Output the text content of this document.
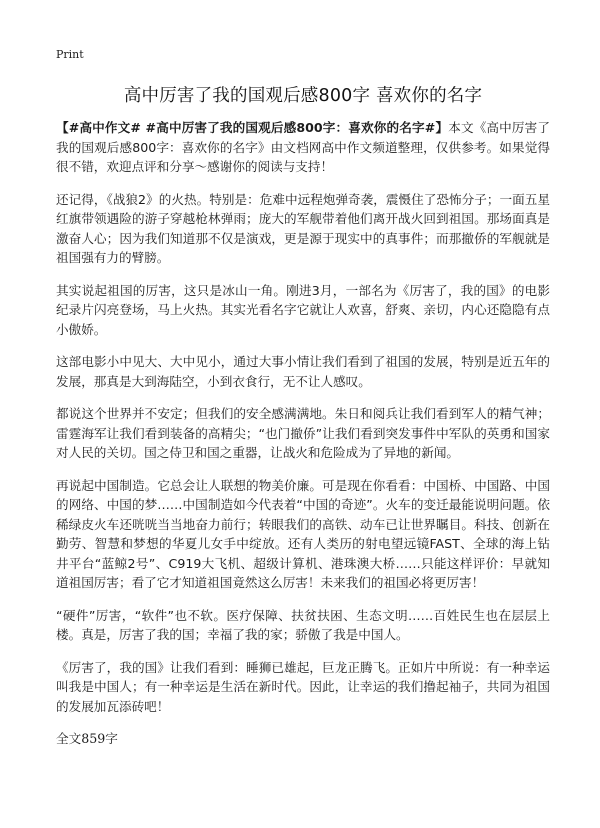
Print
高中厉害了我的国观后感800字 喜欢你的名字

【#高中作文# #高中厉害了我的国观后感800字：喜欢你的名字#】本文《高中厉害了我的国观后感800字：喜欢你的名字》由文档网高中作文频道整理，仅供参考。如果觉得很不错，欢迎点评和分享～感谢你的阅读与支持！

还记得，《战狼2》的火热。特别是：危难中远程炮弹奇袭，震慑住了恐怖分子；一面五星红旗带领遇险的游子穿越枪林弹雨；庞大的军舰带着他们离开战火回到祖国。那场面真是激奋人心；因为我们知道那不仅是演戏，更是源于现实中的真事件；而那撤侨的军舰就是祖国强有力的臂膀。

其实说起祖国的厉害，这只是冰山一角。刚进3月，一部名为《厉害了，我的国》的电影纪录片闪亮登场，马上火热。其实光看名字它就让人欢喜，舒爽、亲切，内心还隐隐有点小傲娇。

这部电影小中见大、大中见小，通过大事小情让我们看到了祖国的发展，特别是近五年的发展，那真是大到海陆空，小到衣食行，无不让人感叹。

都说这个世界并不安定；但我们的安全感满满地。朱日和阅兵让我们看到军人的精气神；雷霆海军让我们看到装备的高精尖；“也门撤侨”让我们看到突发事件中军队的英勇和国家对人民的关切。国之侍卫和国之重器，让战火和危险成为了异地的新闻。

再说起中国制造。它总会让人联想的物美价廉。可是现在你看看：中国桥、中国路、中国的网络、中国的梦……中国制造如今代表着“中国的奇迹”。火车的变迁最能说明问题。依稀绿皮火车还咣咣当当地奋力前行；转眼我们的高铁、动车已让世界瞩目。科技、创新在勤劳、智慧和梦想的华夏儿女手中绽放。还有人类历的射电望远镜FAST、全球的海上钻井平台“蓝鲸2号”、C919大飞机、超级计算机、港珠澳大桥……只能这样评价：早就知道祖国厉害；看了它才知道祖国竟然这么厉害！未来我们的祖国必将更厉害！

“硬件”厉害，“软件”也不软。医疗保障、扶贫扶困、生态文明……百姓民生也在层层上楼。真是，厉害了我的国；幸福了我的家；骄傲了我是中国人。

《厉害了，我的国》让我们看到：睡狮已雄起，巨龙正腾飞。正如片中所说：有一种幸运叫我是中国人；有一种幸运是生活在新时代。因此，让幸运的我们撸起袖子，共同为祖国的发展加瓦添砖吧！

全文859字
